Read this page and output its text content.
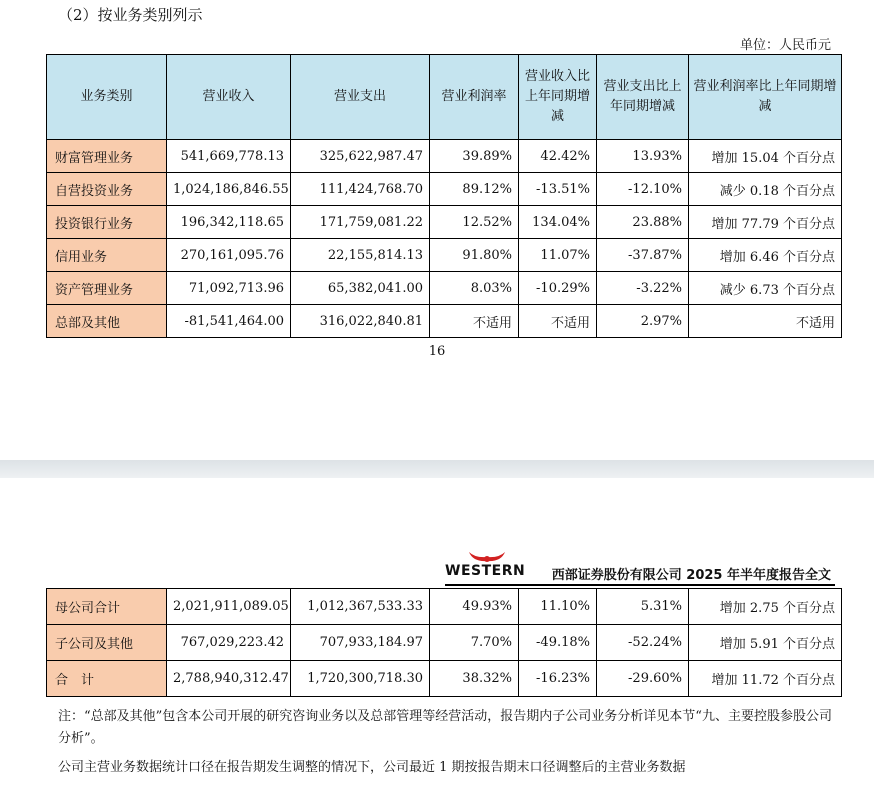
（2）按业务类别列示
单位：人民币元
业务类别	营业收入	营业支出	营业利润率	营业收入比上年同期增减	营业支出比上年同期增减	营业利润率比上年同期增减
财富管理业务	541,669,778.13	325,622,987.47	39.89%	42.42%	13.93%	增加 15.04 个百分点
自营投资业务	1,024,186,846.55	111,424,768.70	89.12%	-13.51%	-12.10%	减少 0.18 个百分点
投资银行业务	196,342,118.65	171,759,081.22	12.52%	134.04%	23.88%	增加 77.79 个百分点
信用业务	270,161,095.76	22,155,814.13	91.80%	11.07%	-37.87%	增加 6.46 个百分点
资产管理业务	71,092,713.96	65,382,041.00	8.03%	-10.29%	-3.22%	减少 6.73 个百分点
总部及其他	-81,541,464.00	316,022,840.81	不适用	不适用	2.97%	不适用
16
WESTERN 西部证券股份有限公司 2025 年半年度报告全文
母公司合计	2,021,911,089.05	1,012,367,533.33	49.93%	11.10%	5.31%	增加 2.75 个百分点
子公司及其他	767,029,223.42	707,933,184.97	7.70%	-49.18%	-52.24%	增加 5.91 个百分点
合　计	2,788,940,312.47	1,720,300,718.30	38.32%	-16.23%	-29.60%	增加 11.72 个百分点
注：“总部及其他”包含本公司开展的研究咨询业务以及总部管理等经营活动，报告期内子公司业务分析详见本节“九、主要控股参股公司分析”。
公司主营业务数据统计口径在报告期发生调整的情况下，公司最近 1 期按报告期末口径调整后的主营业务数据
